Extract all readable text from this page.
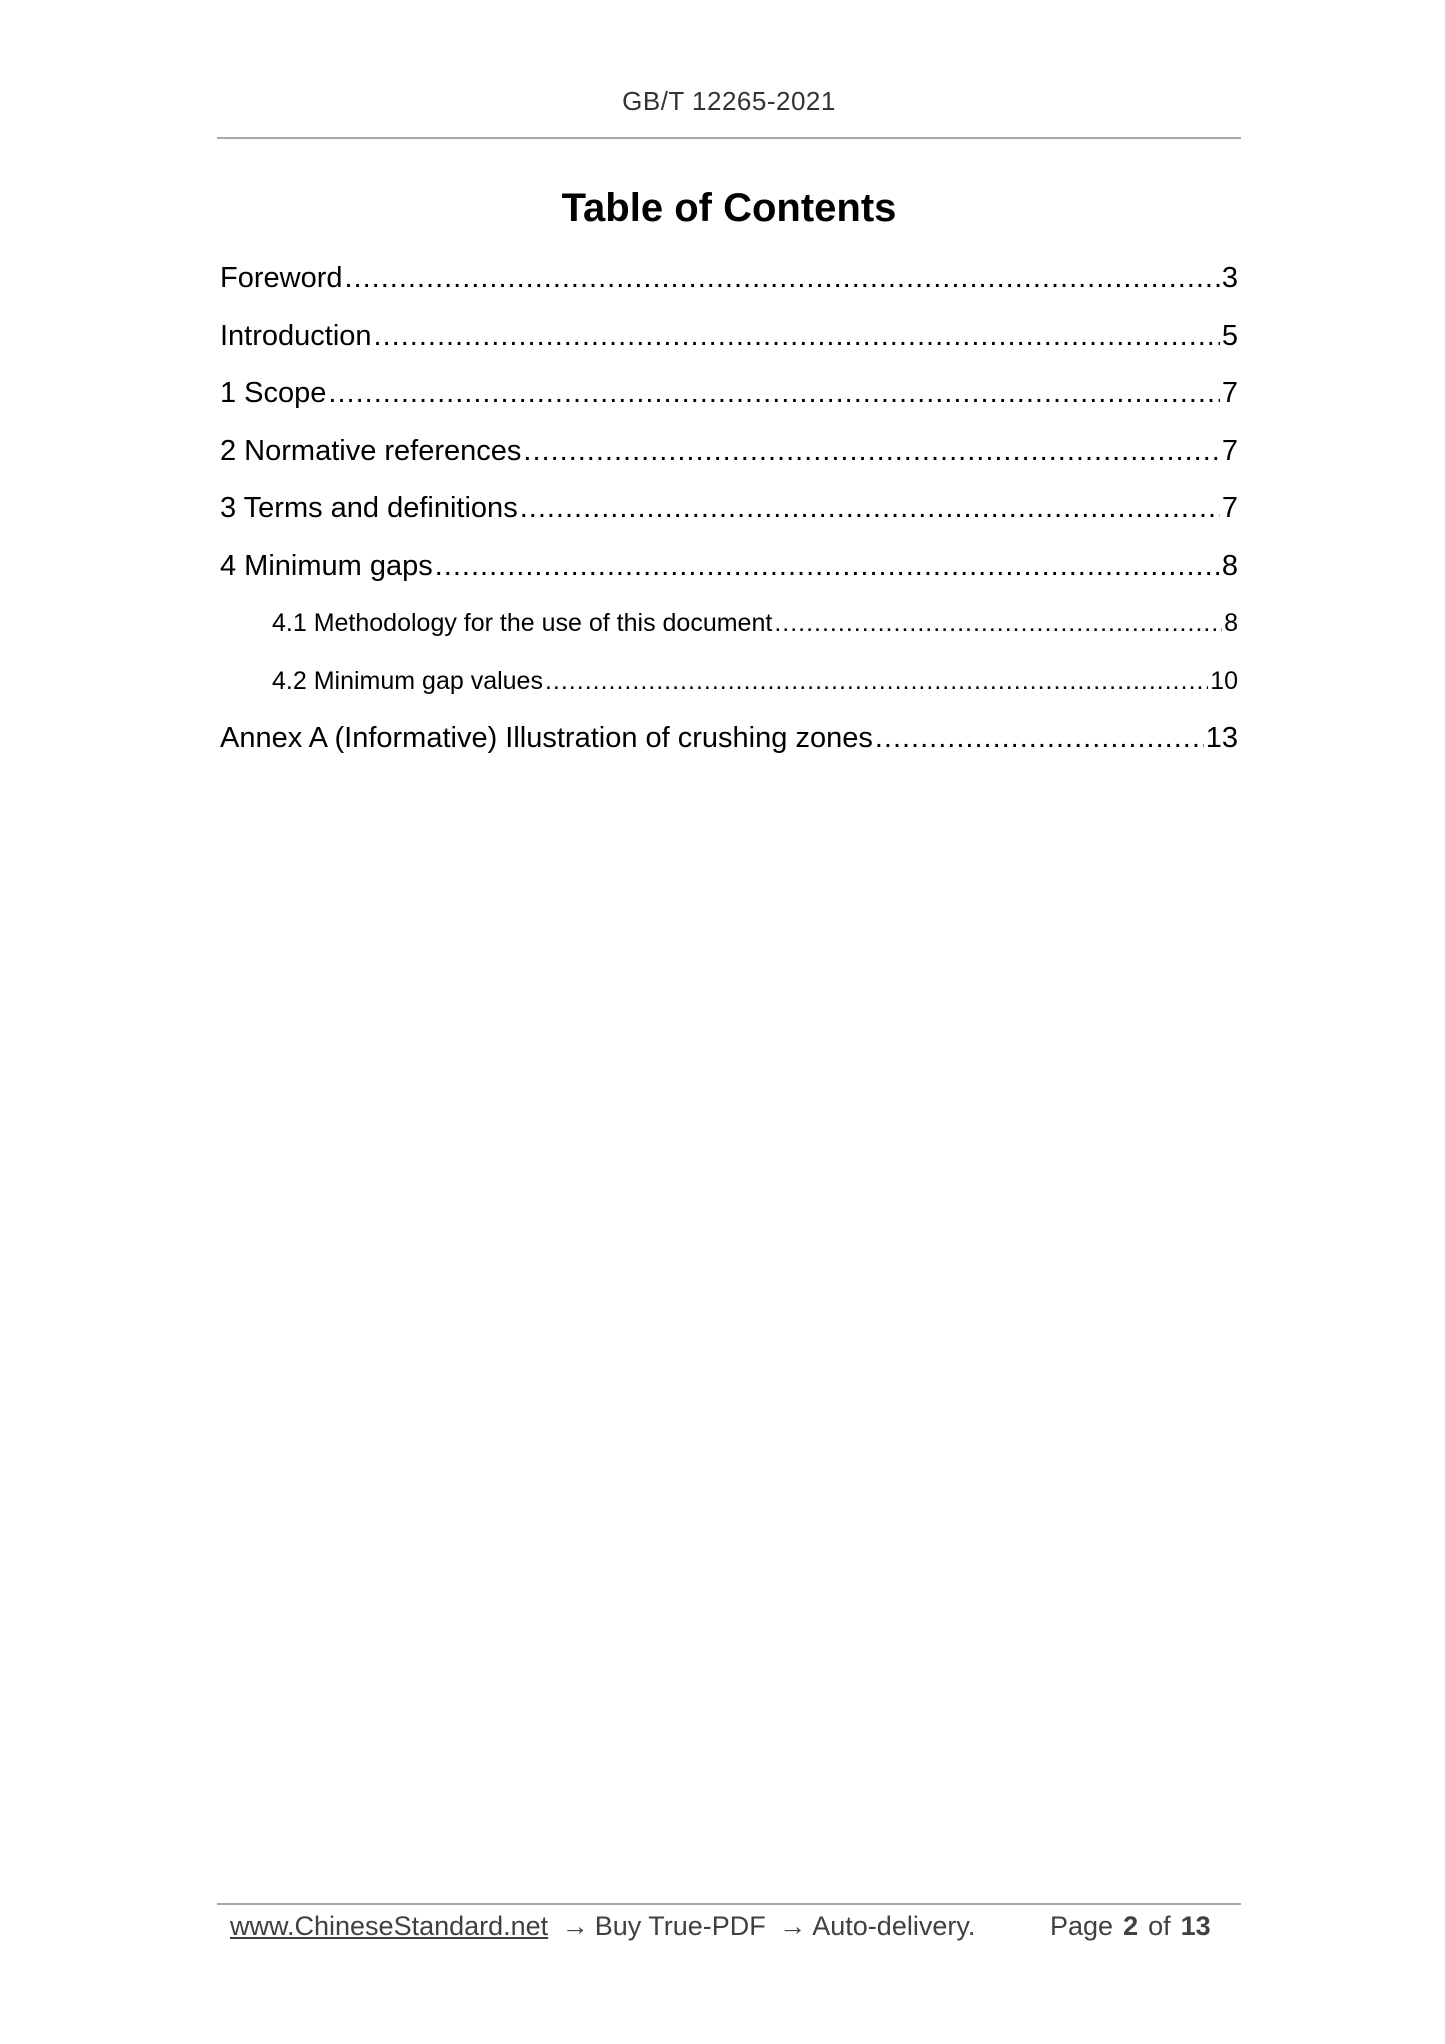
GB/T 12265-2021
Table of Contents
Foreword .....	3
Introduction .....	5
1 Scope .....	7
2 Normative references .....	7
3 Terms and definitions .....	7
4 Minimum gaps .....	8
4.1 Methodology for the use of this document .....	8
4.2 Minimum gap values .....	10
Annex A (Informative) Illustration of crushing zones .....	13
www.ChineseStandard.net → Buy True-PDF → Auto-delivery.	Page 2 of 13
